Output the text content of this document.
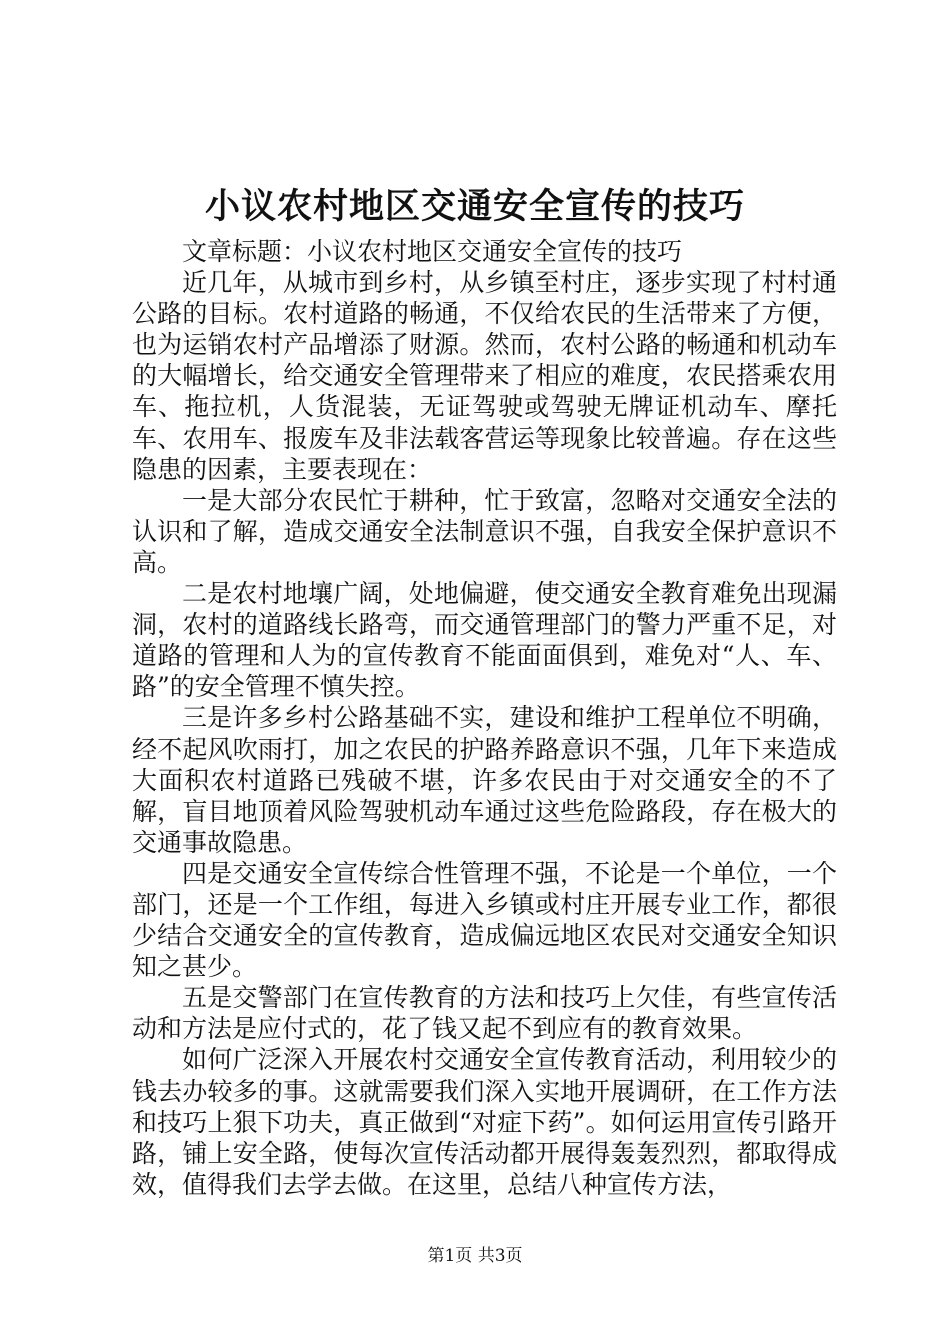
小议农村地区交通安全宣传的技巧

文章标题：小议农村地区交通安全宣传的技巧

近几年，从城市到乡村，从乡镇至村庄，逐步实现了村村通公路的目标。农村道路的畅通，不仅给农民的生活带来了方便，也为运销农村产品增添了财源。然而，农村公路的畅通和机动车的大幅增长，给交通安全管理带来了相应的难度，农民搭乘农用车、拖拉机，人货混装，无证驾驶或驾驶无牌证机动车、摩托车、农用车、报废车及非法载客营运等现象比较普遍。存在这些隐患的因素，主要表现在：

一是大部分农民忙于耕种，忙于致富，忽略对交通安全法的认识和了解，造成交通安全法制意识不强，自我安全保护意识不高。

二是农村地壤广阔，处地偏避，使交通安全教育难免出现漏洞，农村的道路线长路弯，而交通管理部门的警力严重不足，对道路的管理和人为的宣传教育不能面面俱到，难免对“人、车、路”的安全管理不慎失控。

三是许多乡村公路基础不实，建设和维护工程单位不明确，经不起风吹雨打，加之农民的护路养路意识不强，几年下来造成大面积农村道路已残破不堪，许多农民由于对交通安全的不了解，盲目地顶着风险驾驶机动车通过这些危险路段，存在极大的交通事故隐患。

四是交通安全宣传综合性管理不强，不论是一个单位，一个部门，还是一个工作组，每进入乡镇或村庄开展专业工作，都很少结合交通安全的宣传教育，造成偏远地区农民对交通安全知识知之甚少。

五是交警部门在宣传教育的方法和技巧上欠佳，有些宣传活动和方法是应付式的，花了钱又起不到应有的教育效果。

如何广泛深入开展农村交通安全宣传教育活动，利用较少的钱去办较多的事。这就需要我们深入实地开展调研，在工作方法和技巧上狠下功夫，真正做到“对症下药”。如何运用宣传引路开路，铺上安全路，使每次宣传活动都开展得轰轰烈烈，都取得成效，值得我们去学去做。在这里，总结八种宣传方法，

第1页 共3页
